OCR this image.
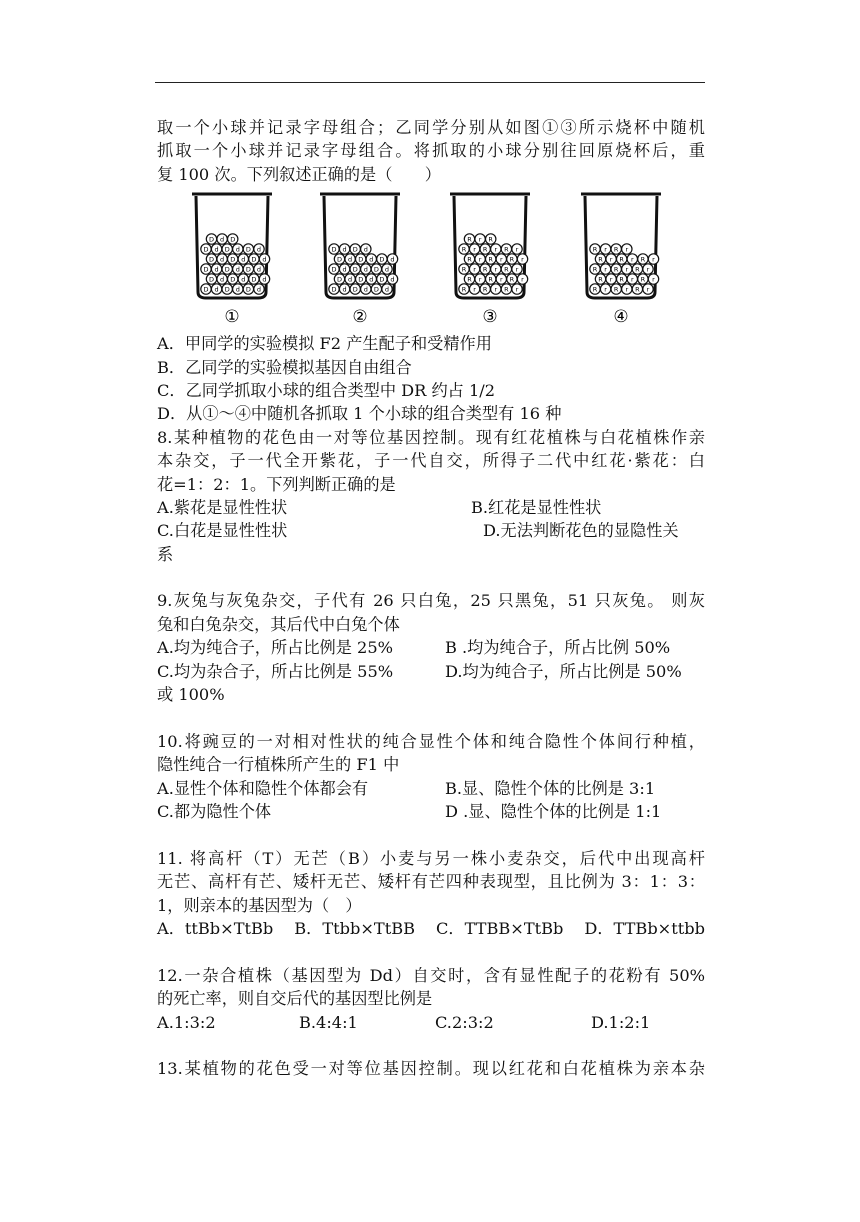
取一个小球并记录字母组合；乙同学分别从如图①③所示烧杯中随机
抓取一个小球并记录字母组合。将抓取的小球分别往回原烧杯后，重
复 100 次。下列叙述正确的是（　　）
D d D d D d
D d D d D d
D d D d D d
D d D d D d
D d D d D d
D d D
①
D d D d D d
D d D d D d
D d D d D d
D d D d D d
D d D d
②
R r R r R r
R r R r R r
R r R r R r
R r R r R r
R r R r R r
R r R
③
R r R r R r
R r R r R r
R r R r R r
R r R r R r
R r R r
④
A．甲同学的实验模拟 F2 产生配子和受精作用
B．乙同学的实验模拟基因自由组合
C．乙同学抓取小球的组合类型中 DR 约占 1/2
D．从①～④中随机各抓取 1 个小球的组合类型有 16 种
8.某种植物的花色由一对等位基因控制。现有红花植株与白花植株作亲
本杂交，子一代全开紫花，子一代自交，所得子二代中红花·紫花：白
花=1：2：1。下列判断正确的是
A.紫花是显性性状	B.红花是显性性状
C.白花是显性性状	D.无法判断花色的显隐性关
系
9.灰兔与灰兔杂交，子代有 26 只白兔，25 只黑兔，51 只灰兔。 则灰
兔和白兔杂交，其后代中白兔个体
A.均为纯合子，所占比例是 25%	B .均为纯合子，所占比例 50%
C.均为杂合子，所占比例是 55%	D.均为纯合子，所占比例是 50%
或 100%
10.将豌豆的一对相对性状的纯合显性个体和纯合隐性个体间行种植，
隐性纯合一行植株所产生的 F1 中
A.显性个体和隐性个体都会有	B.显、隐性个体的比例是 3:1
C.都为隐性个体	D .显、隐性个体的比例是 1:1
11. 将高杆（T）无芒（B）小麦与另一株小麦杂交，后代中出现高杆
无芒、高杆有芒、矮杆无芒、矮杆有芒四种表现型，且比例为 3：1：3：
1，则亲本的基因型为（　）
A．ttBb×TtBb B．Ttbb×TtBB C．TTBB×TtBb D．TTBb×ttbb
12.一杂合植株（基因型为 Dd）自交时，含有显性配子的花粉有 50%
的死亡率，则自交后代的基因型比例是
A.1:3:2	B.4:4:1	C.2:3:2	D.1:2:1
13.某植物的花色受一对等位基因控制。现以红花和白花植株为亲本杂
